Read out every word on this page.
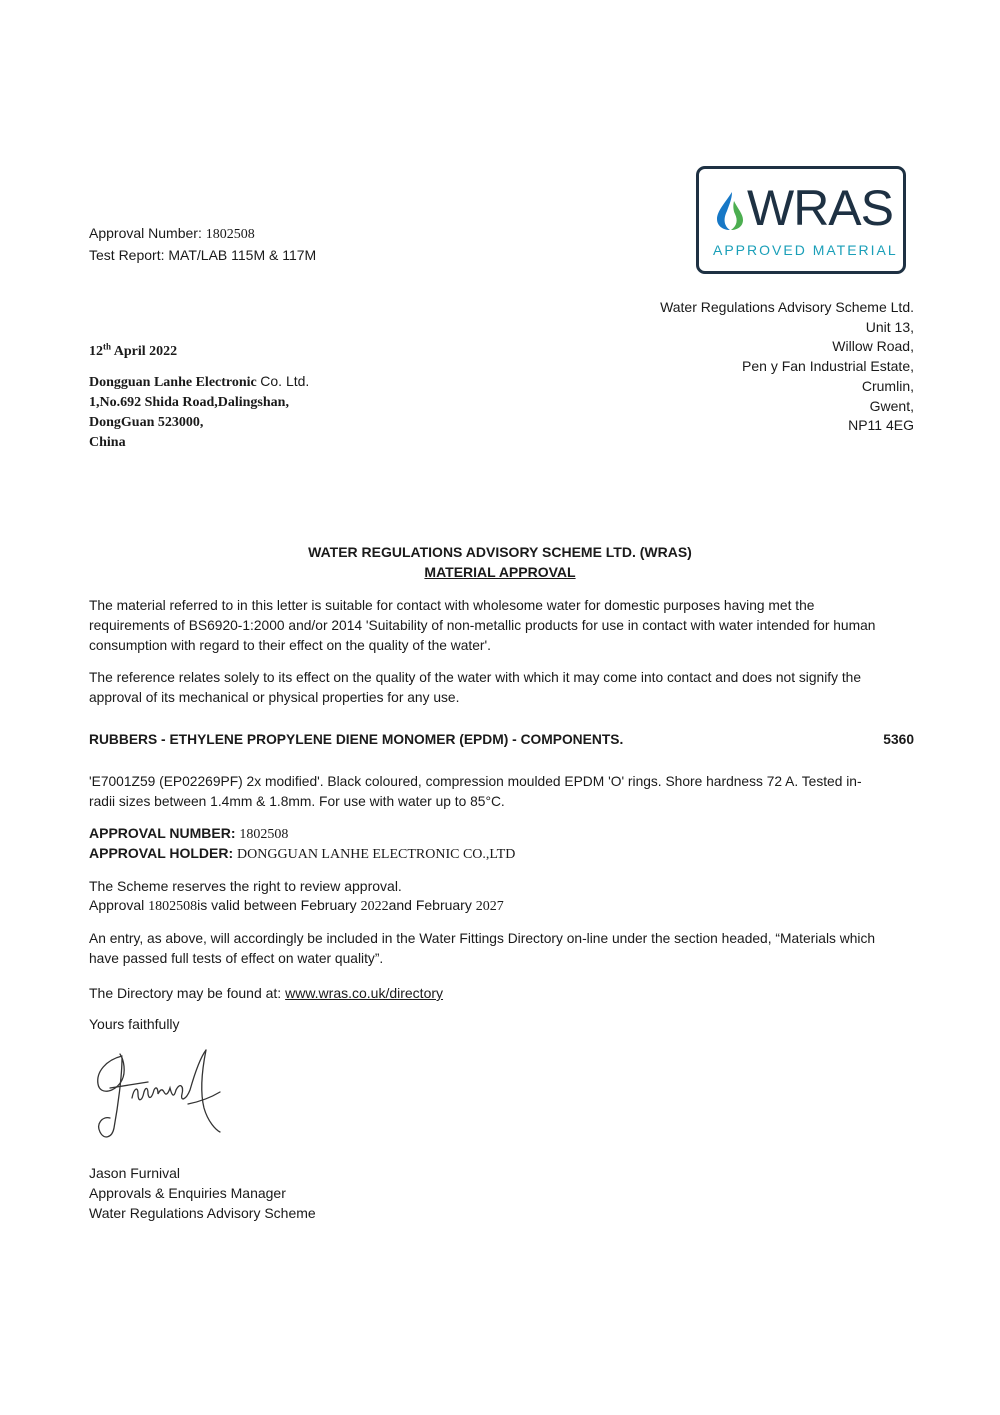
Approval Number: 1802508
Test Report: MAT/LAB 115M & 117M
WRAS
APPROVED MATERIAL
Water Regulations Advisory Scheme Ltd.
Unit 13,
Willow Road,
Pen y Fan Industrial Estate,
Crumlin,
Gwent,
NP11 4EG
12th April 2022
Dongguan Lanhe Electronic Co. Ltd.
1,No.692 Shida Road,Dalingshan,
DongGuan 523000,
China
WATER REGULATIONS ADVISORY SCHEME LTD. (WRAS)
MATERIAL APPROVAL
The material referred to in this letter is suitable for contact with wholesome water for domestic purposes having met the
requirements of BS6920-1:2000 and/or 2014 'Suitability of non-metallic products for use in contact with water intended for human
consumption with regard to their effect on the quality of the water'.
The reference relates solely to its effect on the quality of the water with which it may come into contact and does not signify the
approval of its mechanical or physical properties for any use.
RUBBERS - ETHYLENE PROPYLENE DIENE MONOMER (EPDM) - COMPONENTS.	5360
'E7001Z59 (EP02269PF) 2x modified'. Black coloured, compression moulded EPDM 'O' rings. Shore hardness 72 A. Tested in-
radii sizes between 1.4mm & 1.8mm. For use with water up to 85°C.
APPROVAL NUMBER: 1802508
APPROVAL HOLDER: DONGGUAN LANHE ELECTRONIC CO.,LTD
The Scheme reserves the right to review approval.
Approval 1802508is valid between February 2022and February 2027
An entry, as above, will accordingly be included in the Water Fittings Directory on-line under the section headed, “Materials which
have passed full tests of effect on water quality”.
The Directory may be found at: www.wras.co.uk/directory
Yours faithfully
Jason Furnival
Jason Furnival
Approvals & Enquiries Manager
Water Regulations Advisory Scheme
